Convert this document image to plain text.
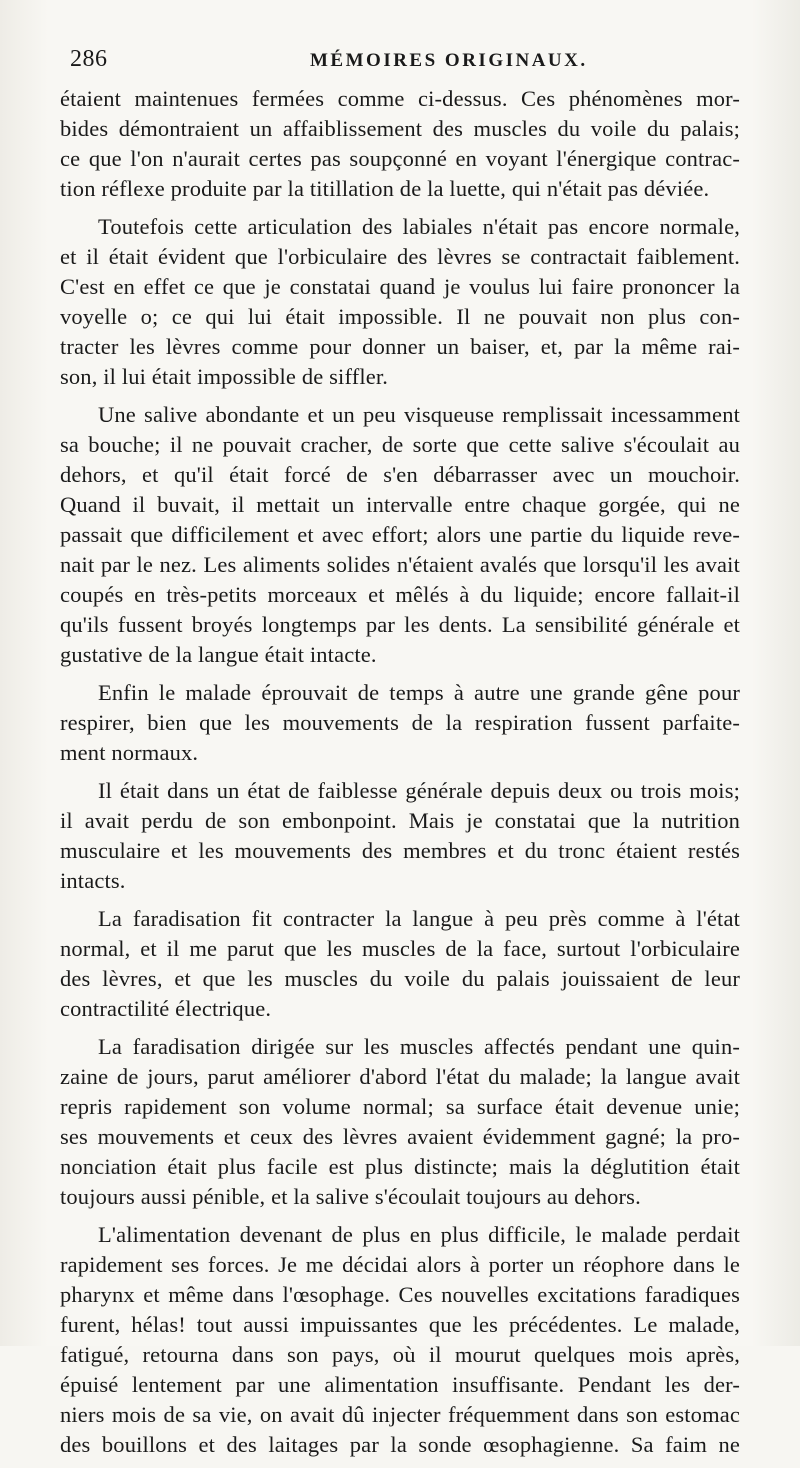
286	MÉMOIRES ORIGINAUX.
étaient maintenues fermées comme ci-dessus. Ces phénomènes mor-
bides démontraient un affaiblissement des muscles du voile du palais;
ce que l'on n'aurait certes pas soupçonné en voyant l'énergique contrac-
tion réflexe produite par la titillation de la luette, qui n'était pas déviée.
Toutefois cette articulation des labiales n'était pas encore normale,
et il était évident que l'orbiculaire des lèvres se contractait faiblement.
C'est en effet ce que je constatai quand je voulus lui faire prononcer la
voyelle o; ce qui lui était impossible. Il ne pouvait non plus con-
tracter les lèvres comme pour donner un baiser, et, par la même rai-
son, il lui était impossible de siffler.
Une salive abondante et un peu visqueuse remplissait incessamment
sa bouche; il ne pouvait cracher, de sorte que cette salive s'écoulait au
dehors, et qu'il était forcé de s'en débarrasser avec un mouchoir.
Quand il buvait, il mettait un intervalle entre chaque gorgée, qui ne
passait que difficilement et avec effort; alors une partie du liquide reve-
nait par le nez. Les aliments solides n'étaient avalés que lorsqu'il les avait
coupés en très-petits morceaux et mêlés à du liquide; encore fallait-il
qu'ils fussent broyés longtemps par les dents. La sensibilité générale et
gustative de la langue était intacte.
Enfin le malade éprouvait de temps à autre une grande gêne pour
respirer, bien que les mouvements de la respiration fussent parfaite-
ment normaux.
Il était dans un état de faiblesse générale depuis deux ou trois mois;
il avait perdu de son embonpoint. Mais je constatai que la nutrition
musculaire et les mouvements des membres et du tronc étaient restés
intacts.
La faradisation fit contracter la langue à peu près comme à l'état
normal, et il me parut que les muscles de la face, surtout l'orbiculaire
des lèvres, et que les muscles du voile du palais jouissaient de leur
contractilité électrique.
La faradisation dirigée sur les muscles affectés pendant une quin-
zaine de jours, parut améliorer d'abord l'état du malade; la langue avait
repris rapidement son volume normal; sa surface était devenue unie;
ses mouvements et ceux des lèvres avaient évidemment gagné; la pro-
nonciation était plus facile est plus distincte; mais la déglutition était
toujours aussi pénible, et la salive s'écoulait toujours au dehors.
L'alimentation devenant de plus en plus difficile, le malade perdait
rapidement ses forces. Je me décidai alors à porter un réophore dans le
pharynx et même dans l'œsophage. Ces nouvelles excitations faradiques
furent, hélas! tout aussi impuissantes que les précédentes. Le malade,
fatigué, retourna dans son pays, où il mourut quelques mois après,
épuisé lentement par une alimentation insuffisante. Pendant les der-
niers mois de sa vie, on avait dû injecter fréquemment dans son estomac
des bouillons et des laitages par la sonde œsophagienne. Sa faim ne
